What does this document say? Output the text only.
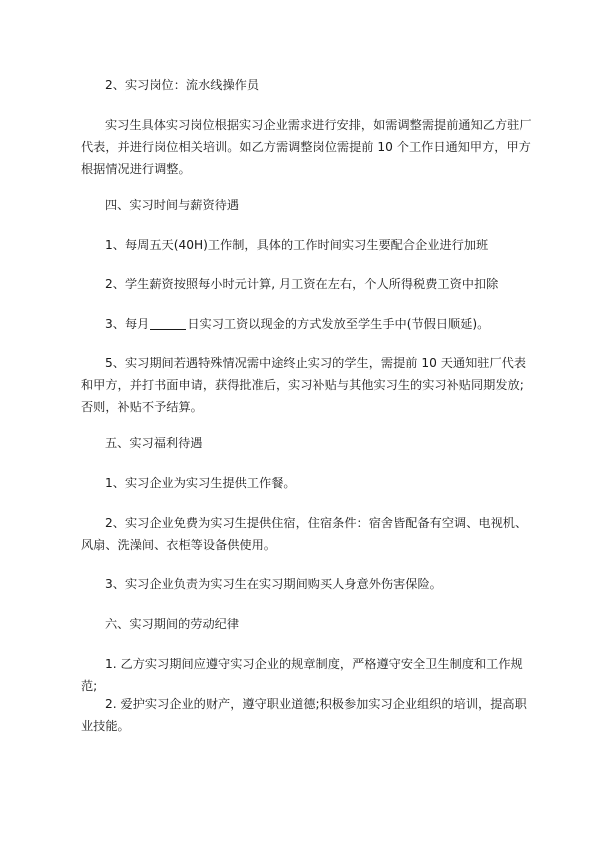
2、实习岗位：流水线操作员

实习生具体实习岗位根据实习企业需求进行安排，如需调整需提前通知乙方驻厂代表，并进行岗位相关培训。如乙方需调整岗位需提前 10 个工作日通知甲方，甲方根据情况进行调整。

四、实习时间与薪资待遇

1、每周五天(40H)工作制，具体的工作时间实习生要配合企业进行加班

2、学生薪资按照每小时元计算, 月工资在左右，个人所得税费工资中扣除

3、每月	日实习工资以现金的方式发放至学生手中(节假日顺延)。

5、实习期间若遇特殊情况需中途终止实习的学生，需提前 10 天通知驻厂代表和甲方，并打书面申请，获得批准后，实习补贴与其他实习生的实习补贴同期发放;否则，补贴不予结算。

五、实习福利待遇

1、实习企业为实习生提供工作餐。

2、实习企业免费为实习生提供住宿，住宿条件：宿舍皆配备有空调、电视机、风扇、洗澡间、衣柜等设备供使用。

3、实习企业负责为实习生在实习期间购买人身意外伤害保险。

六、实习期间的劳动纪律

1. 乙方实习期间应遵守实习企业的规章制度，严格遵守安全卫生制度和工作规范;

2. 爱护实习企业的财产，遵守职业道德;积极参加实习企业组织的培训，提高职业技能。
